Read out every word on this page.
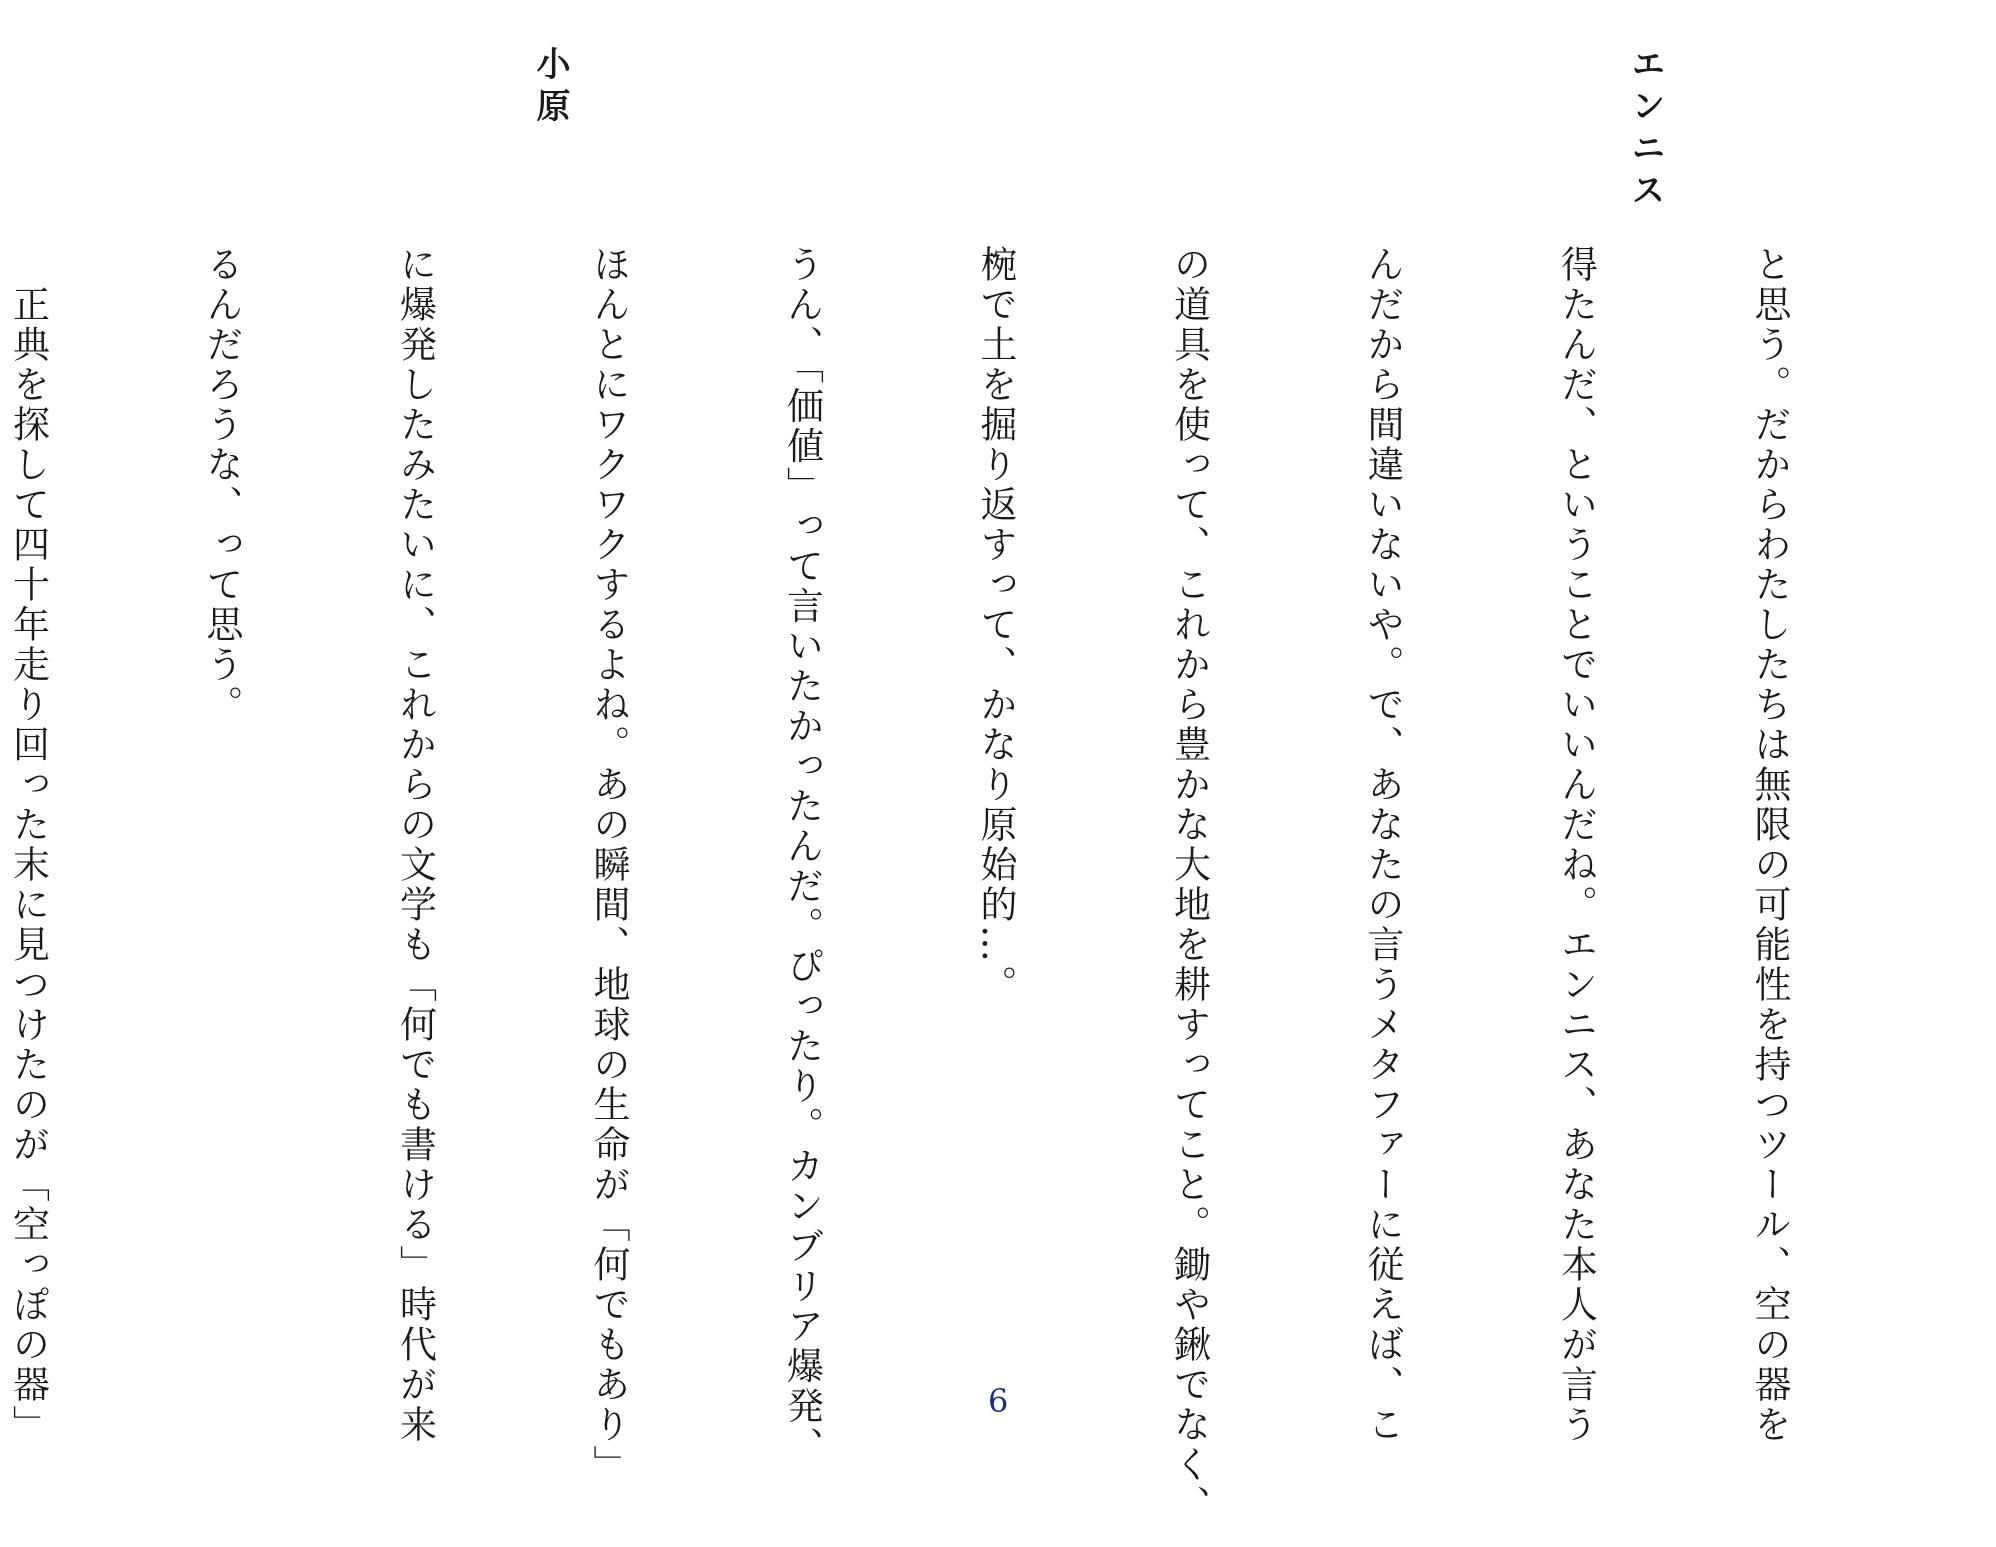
エンニス
小原

と思う。だからわたしたちは無限の可能性を持つツール、空の器を

得たんだ、ということでいいんだね。エンニス、あなた本人が言う

んだから間違いないや。で、あなたの言うメタファーに従えば、こ

の道具を使って、これから豊かな大地を耕すってこと。鋤や鍬でなく、

椀で土を掘り返すって、かなり原始的…。

うん、「価値」って言いたかったんだ。ぴったり。カンブリア爆発、

ほんとにワクワクするよね。あの瞬間、地球の生命が「何でもあり」

に爆発したみたいに、これからの文学も「何でも書ける」時代が来

るんだろうな、って思う。

　正典を探して四十年走り回った末に見つけたのが「空っぽの器」

	6
